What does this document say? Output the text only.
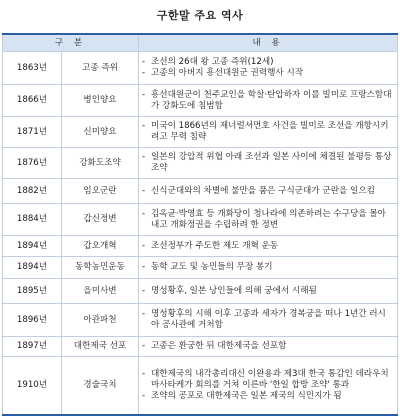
구한말 주요 역사
구 분		내 용
1863년	고종 즉위	- 조선의 26대 왕 고종 즉위(12세)
- 고종의 아버지 흥선대원군 권력행사 시작

1866년	병인양요	- 흥선대원군이 천주교인을 학살·탄압하자 이를 빌미로 프랑스함대가 강화도에 침범함

1871년	신미양요	- 미국이 1866년의 제너럴셔먼호 사건을 빌미로 조선을 개항시키려고 무력 침략

1876년	강화도조약	- 일본의 강압적 위협 아래 조선과 일본 사이에 체결된 불평등 통상 조약

1882년	임오군란	- 신식군대와의 차별에 불만을 품은 구식군대가 군란을 일으킴

1884년	갑신정변	- 김옥균·박영효 등 개화당이 청나라에 의존하려는 수구당을 몰아내고 개화정권을 수립하려 한 정변

1894년	갑오개혁	- 조선정부가 주도한 제도 개혁 운동

1894년	동학농민운동	- 동학 교도 및 농민들의 무장 봉기

1895년	을미사변	- 명성황후, 일본 낭인들에 의해 궁에서 시해됨

1896년	아관파천	- 명성황후의 시해 이후 고종과 세자가 경복궁을 떠나 1년간 러시아 공사관에 거처함

1897년	대한제국 선포	- 고종은 환궁한 뒤 대한제국을 선포함

1910년	경술국치	- 대한제국의 내각총리대신 이완용과 제3대 한국 통감인 데라우치 마사타케가 회의를 거쳐 이른바 '한일 합방 조약' 통과
- 조약의 공포로 대한제국은 일본 제국의 식민지가 됨
